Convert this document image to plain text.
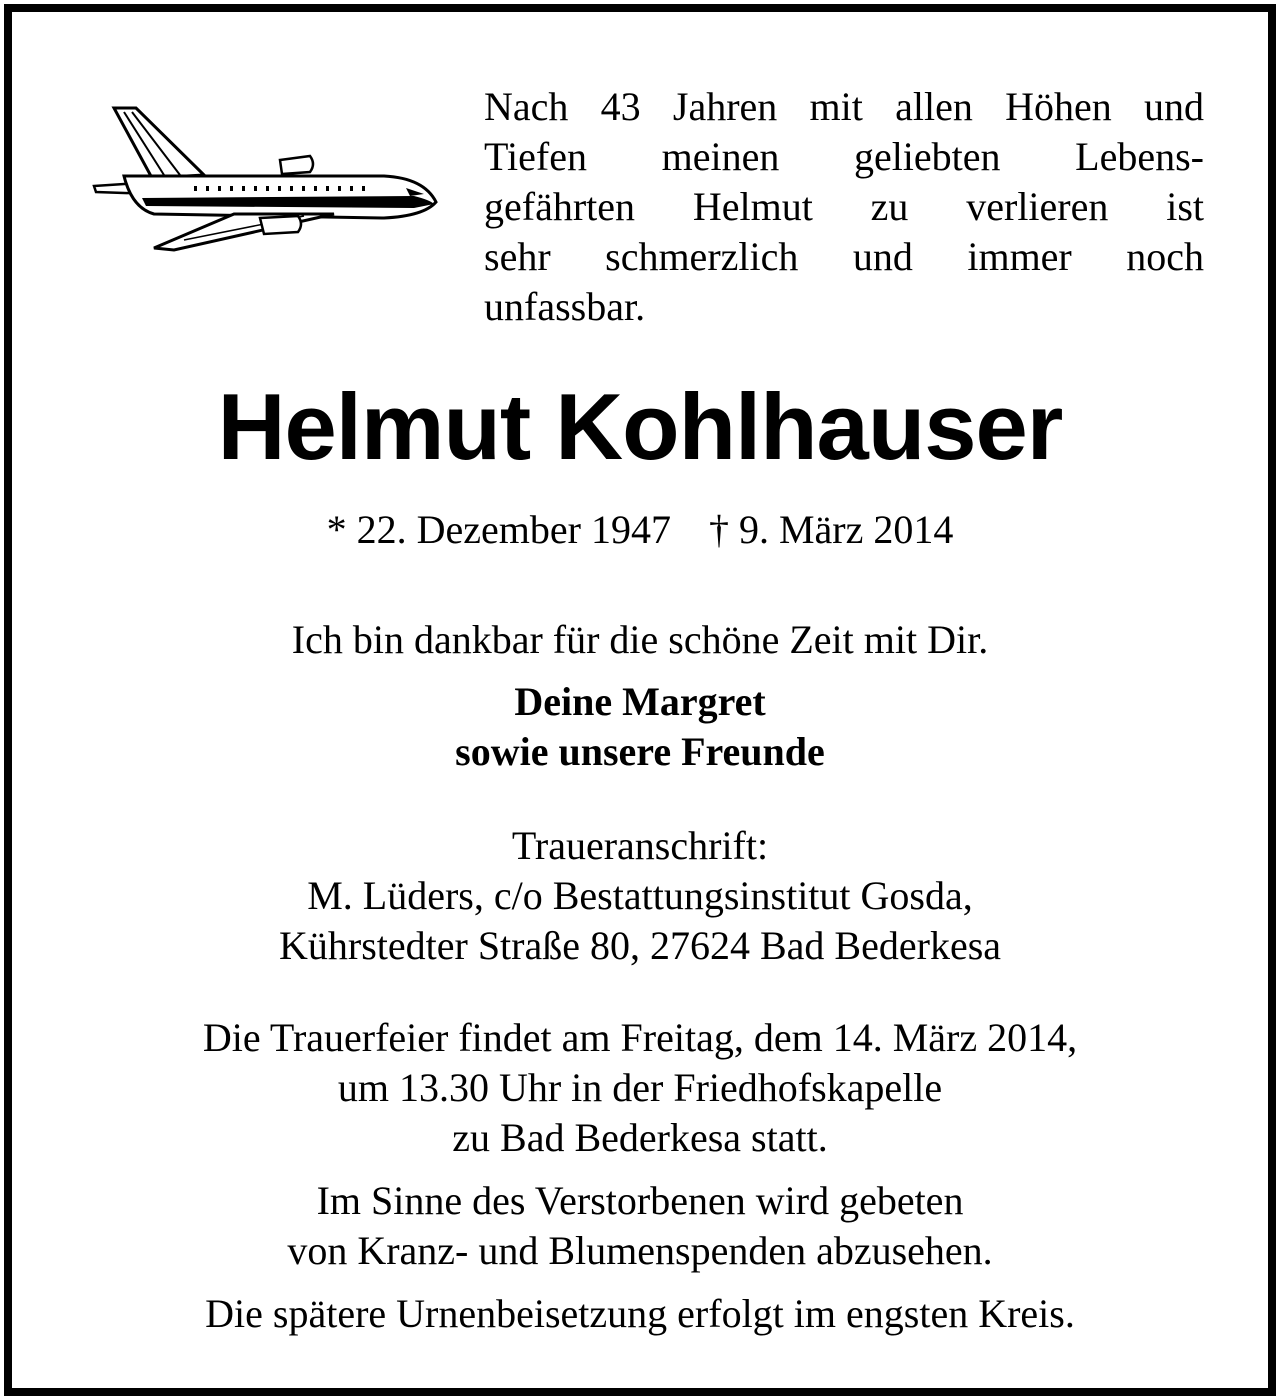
Nach 43 Jahren mit allen Höhen und
Tiefen meinen geliebten Lebens-
gefährten Helmut zu verlieren ist
sehr schmerzlich und immer noch
unfassbar.

Helmut Kohlhauser
* 22. Dezember 1947 † 9. März 2014

Ich bin dankbar für die schöne Zeit mit Dir.

Deine Margret
sowie unsere Freunde

Traueranschrift:
M. Lüders, c/o Bestattungsinstitut Gosda,
Kührstedter Straße 80, 27624 Bad Bederkesa

Die Trauerfeier findet am Freitag, dem 14. März 2014,
um 13.30 Uhr in der Friedhofskapelle
zu Bad Bederkesa statt.

Im Sinne des Verstorbenen wird gebeten
von Kranz- und Blumenspenden abzusehen.

Die spätere Urnenbeisetzung erfolgt im engsten Kreis.
